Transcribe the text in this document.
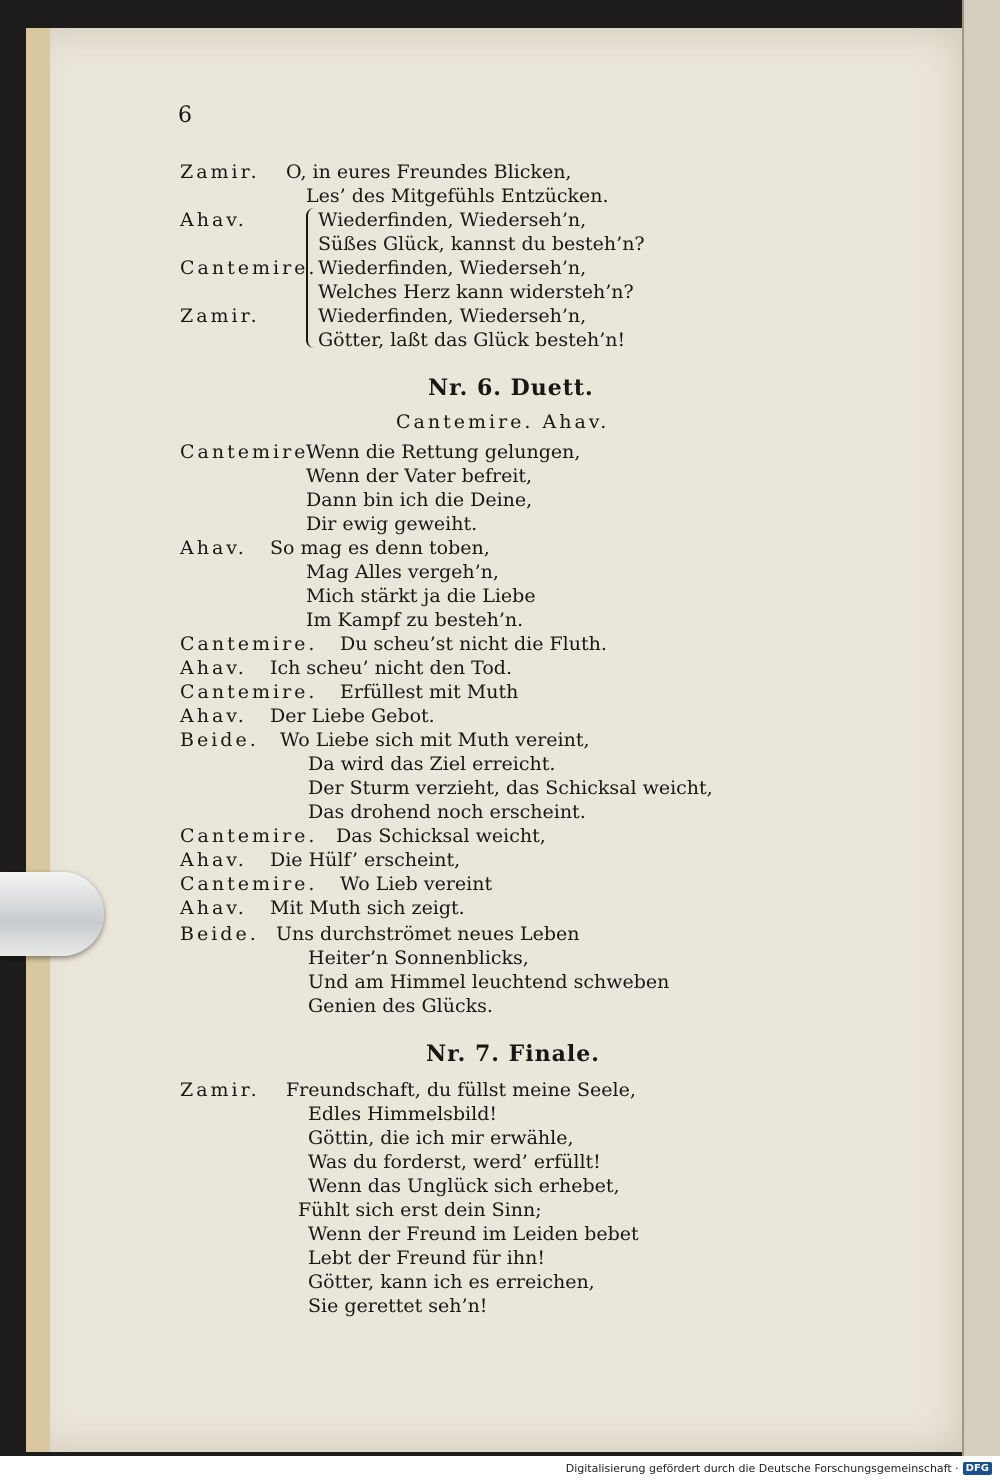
6
Zamir. O, in eures Freundes Blicken,
Les’ des Mitgefühls Entzücken.
Ahav.	Wiederfinden, Wiederseh’n,
Süßes Glück, kannst du besteh’n?
Cantemire. Wiederfinden, Wiederseh’n,
Welches Herz kann widersteh’n?
Zamir.	Wiederfinden, Wiederseh’n,
Götter, laßt das Glück besteh’n!
Nr. 6. Duett.
Cantemire. Ahav.
Cantemire.
Wenn die Rettung gelungen,
Wenn der Vater befreit,
Dann bin ich die Deine,
Dir ewig geweiht.
Ahav. So mag es denn toben,
Mag Alles vergeh’n,
Mich stärkt ja die Liebe
Im Kampf zu besteh’n.
Cantemire. Du scheu’st nicht die Fluth.
Ahav. Ich scheu’ nicht den Tod.
Cantemire. Erfüllest mit Muth
Ahav. Der Liebe Gebot.
Beide. Wo Liebe sich mit Muth vereint,
Da wird das Ziel erreicht.
Der Sturm verzieht, das Schicksal weicht,
Das drohend noch erscheint.
Cantemire. Das Schicksal weicht,
Ahav. Die Hülf’ erscheint,
Cantemire. Wo Lieb vereint
Ahav. Mit Muth sich zeigt.
Beide. Uns durchströmet neues Leben
Heiter’n Sonnenblicks,
Und am Himmel leuchtend schweben
Genien des Glücks.
Nr. 7. Finale.
Zamir. Freundschaft, du füllst meine Seele,
Edles Himmelsbild!
Göttin, die ich mir erwähle,
Was du forderst, werd’ erfüllt!
Wenn das Unglück sich erhebet,
Fühlt sich erst dein Sinn;
Wenn der Freund im Leiden bebet
Lebt der Freund für ihn!
Götter, kann ich es erreichen,
Sie gerettet seh’n!
Digitalisierung gefördert durch die Deutsche Forschungsgemeinschaft · DFG
